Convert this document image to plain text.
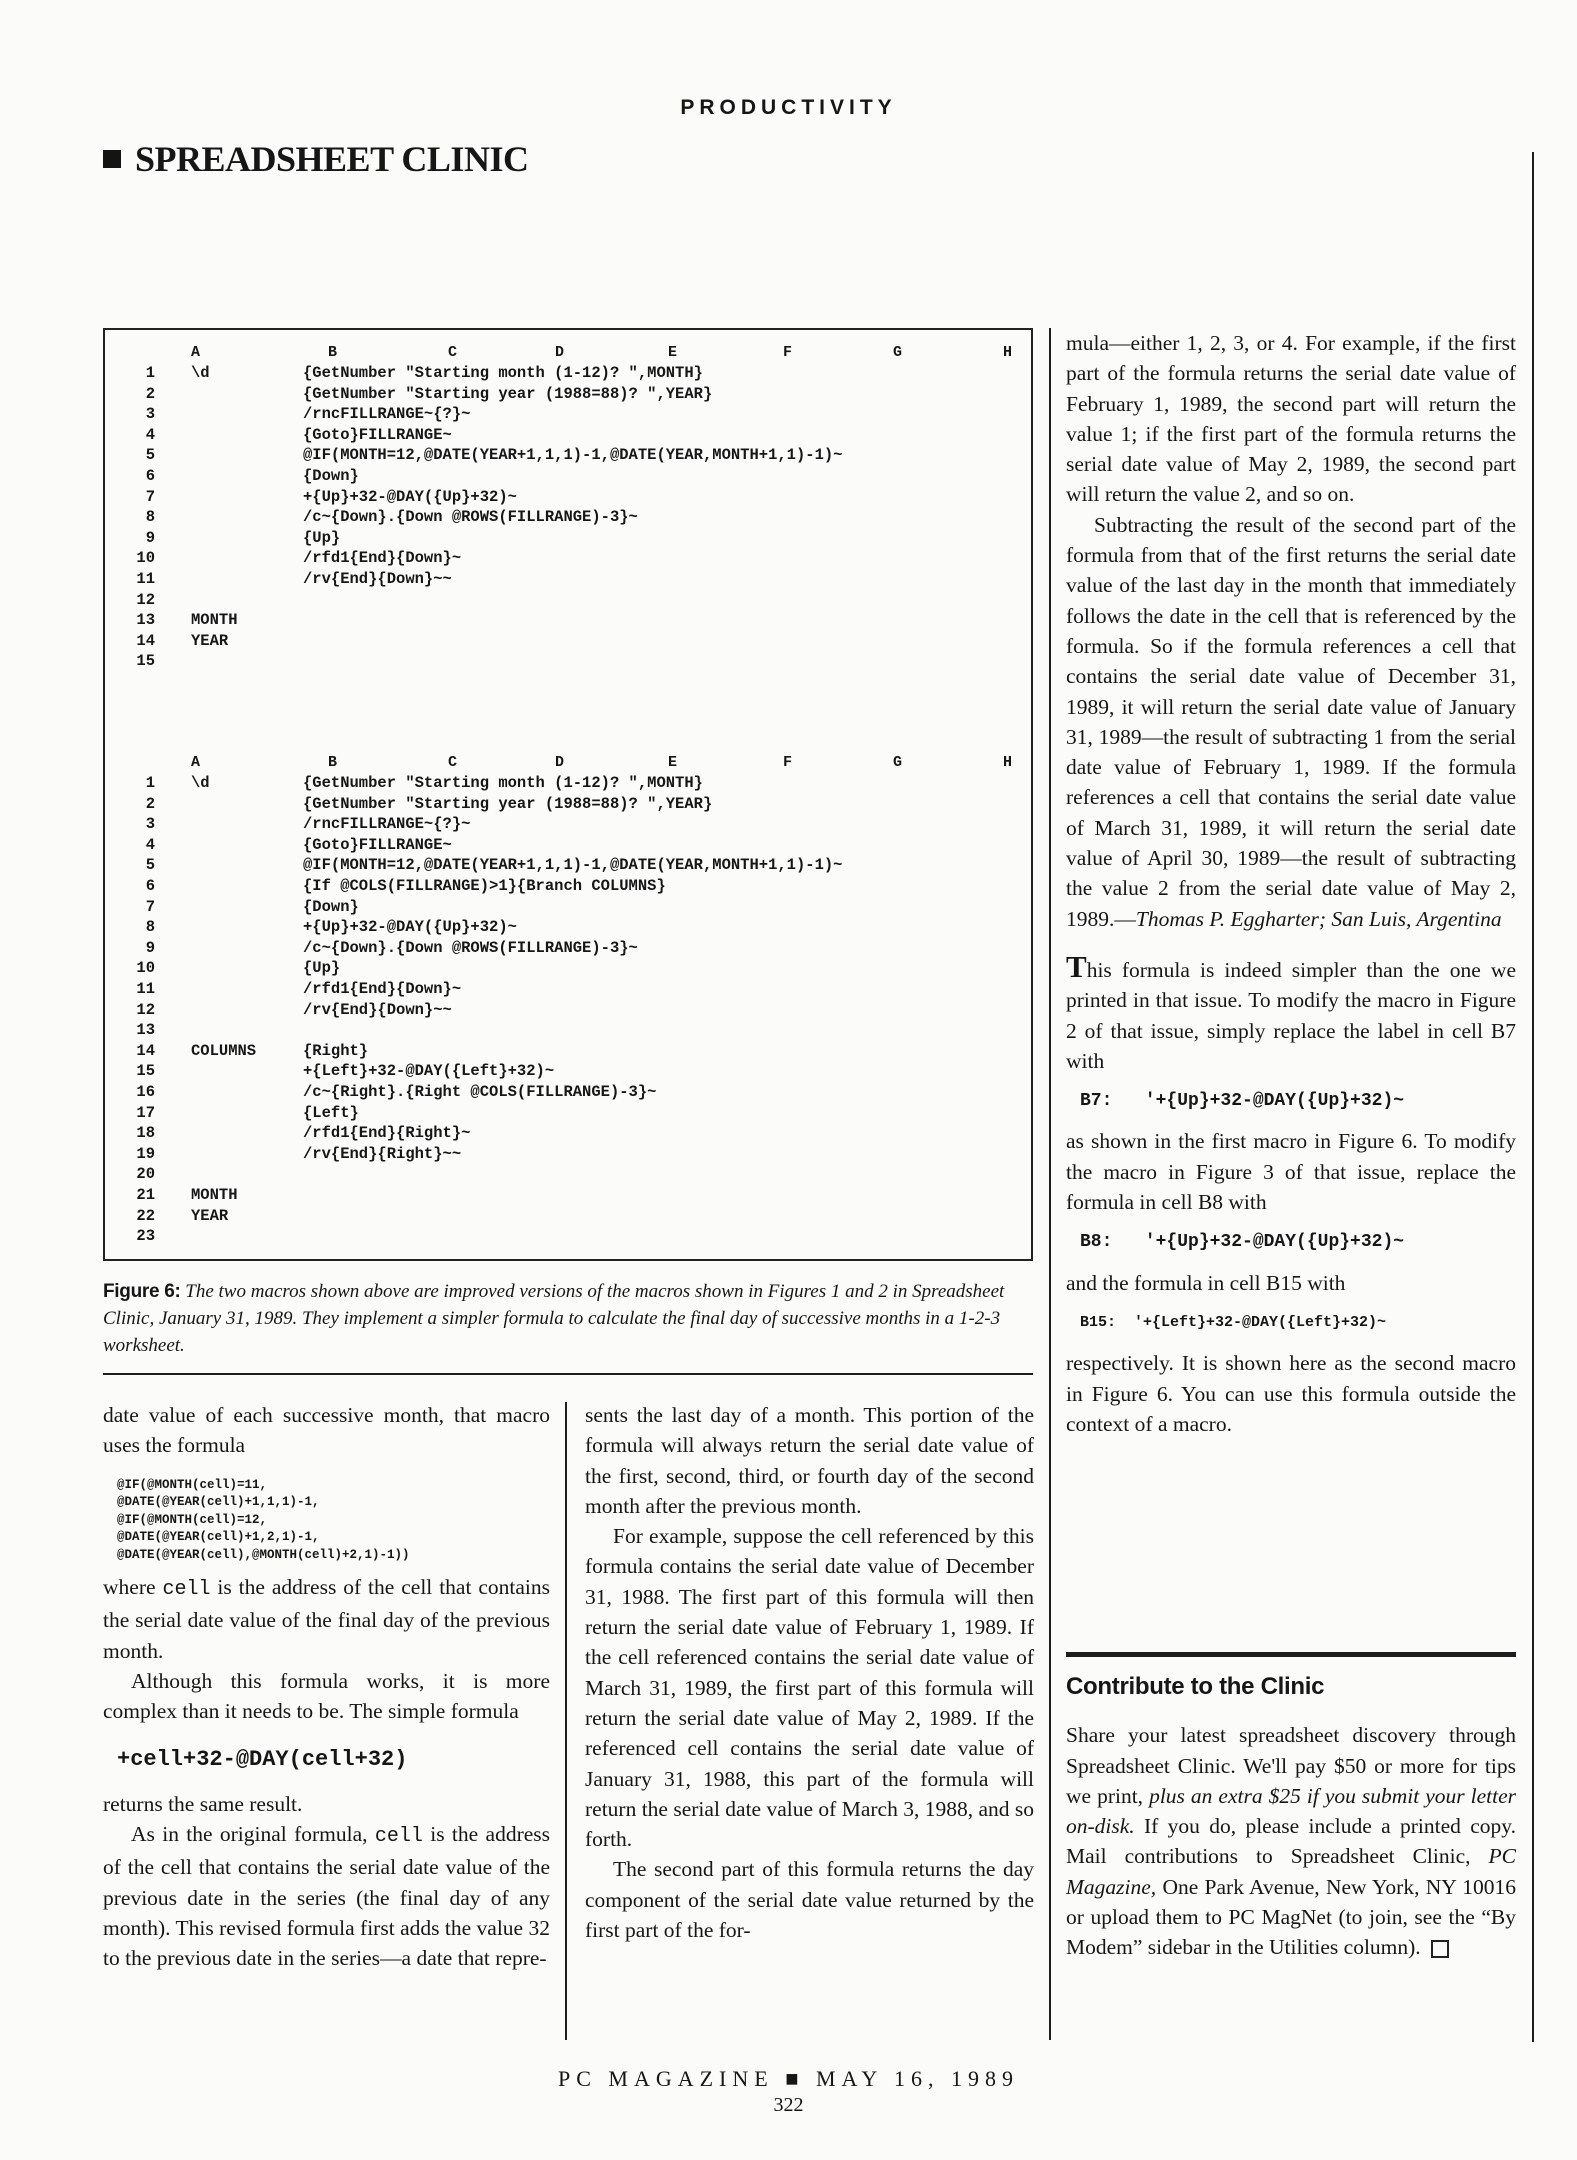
PRODUCTIVITY
SPREADSHEET CLINIC
A	B	C	D	E	F	G	H
1 \d	{GetNumber "Starting month (1-12)? ",MONTH}
2	{GetNumber "Starting year (1988=88)? ",YEAR}
3	/rncFILLRANGE~{?}~
4	{Goto}FILLRANGE~
5	@IF(MONTH=12,@DATE(YEAR+1,1,1)-1,@DATE(YEAR,MONTH+1,1)-1)~
6	{Down}
7	+{Up}+32-@DAY({Up}+32)~
8	/c~{Down}.{Down @ROWS(FILLRANGE)-3}~
9	{Up}
10	/rfd1{End}{Down}~
11	/rv{End}{Down}~~
12
13 MONTH
14 YEAR
15
A	B	C	D	E	F	G	H
1 \d	{GetNumber "Starting month (1-12)? ",MONTH}
2	{GetNumber "Starting year (1988=88)? ",YEAR}
3	/rncFILLRANGE~{?}~
4	{Goto}FILLRANGE~
5	@IF(MONTH=12,@DATE(YEAR+1,1,1)-1,@DATE(YEAR,MONTH+1,1)-1)~
6	{If @COLS(FILLRANGE)>1}{Branch COLUMNS}
7	{Down}
8	+{Up}+32-@DAY({Up}+32)~
9	/c~{Down}.{Down @ROWS(FILLRANGE)-3}~
10	{Up}
11	/rfd1{End}{Down}~
12	/rv{End}{Down}~~
13
14 COLUMNS	{Right}
15	+{Left}+32-@DAY({Left}+32)~
16	/c~{Right}.{Right @COLS(FILLRANGE)-3}~
17	{Left}
18	/rfd1{End}{Right}~
19	/rv{End}{Right}~~
20
21 MONTH
22 YEAR
23
Figure 6: The two macros shown above are improved versions of the macros shown in Figures 1 and 2 in Spreadsheet Clinic, January 31, 1989. They implement a simpler formula to calculate the final day of successive months in a 1-2-3 worksheet.

date value of each successive month, that macro uses the formula

@IF(@MONTH(cell)=11,
@DATE(@YEAR(cell)+1,1,1)-1,
@IF(@MONTH(cell)=12,
@DATE(@YEAR(cell)+1,2,1)-1,
@DATE(@YEAR(cell),@MONTH(cell)+2,1)-1))

where cell is the address of the cell that contains the serial date value of the final day of the previous month.

Although this formula works, it is more complex than it needs to be. The simple formula

+cell+32-@DAY(cell+32)

returns the same result.

As in the original formula, cell is the address of the cell that contains the serial date value of the previous date in the series (the final day of any month). This revised formula first adds the value 32 to the previous date in the series—a date that repre-

sents the last day of a month. This portion of the formula will always return the serial date value of the first, second, third, or fourth day of the second month after the previous month.

For example, suppose the cell referenced by this formula contains the serial date value of December 31, 1988. The first part of this formula will then return the serial date value of February 1, 1989. If the cell referenced contains the serial date value of March 31, 1989, the first part of this formula will return the serial date value of May 2, 1989. If the referenced cell contains the serial date value of January 31, 1988, this part of the formula will return the serial date value of March 3, 1988, and so forth.

The second part of this formula returns the day component of the serial date value returned by the first part of the for-

mula—either 1, 2, 3, or 4. For example, if the first part of the formula returns the serial date value of February 1, 1989, the second part will return the value 1; if the first part of the formula returns the serial date value of May 2, 1989, the second part will return the value 2, and so on.

Subtracting the result of the second part of the formula from that of the first returns the serial date value of the last day in the month that immediately follows the date in the cell that is referenced by the formula. So if the formula references a cell that contains the serial date value of December 31, 1989, it will return the serial date value of January 31, 1989—the result of subtracting 1 from the serial date value of February 1, 1989. If the formula references a cell that contains the serial date value of March 31, 1989, it will return the serial date value of April 30, 1989—the result of subtracting the value 2 from the serial date value of May 2, 1989.—Thomas P. Eggharter; San Luis, Argentina

This formula is indeed simpler than the one we printed in that issue. To modify the macro in Figure 2 of that issue, simply replace the label in cell B7 with

B7:   '+{Up}+32-@DAY({Up}+32)~

as shown in the first macro in Figure 6. To modify the macro in Figure 3 of that issue, replace the formula in cell B8 with

B8:   '+{Up}+32-@DAY({Up}+32)~

and the formula in cell B15 with

B15:  '+{Left}+32-@DAY({Left}+32)~

respectively. It is shown here as the second macro in Figure 6. You can use this formula outside the context of a macro.

Contribute to the Clinic

Share your latest spreadsheet discovery through Spreadsheet Clinic. We'll pay $50 or more for tips we print, plus an extra $25 if you submit your letter on-disk. If you do, please include a printed copy. Mail contributions to Spreadsheet Clinic, PC Magazine, One Park Avenue, New York, NY 10016 or upload them to PC MagNet (to join, see the “By Modem” sidebar in the Utilities column).

PC MAGAZINE ■ MAY 16, 1989
322
